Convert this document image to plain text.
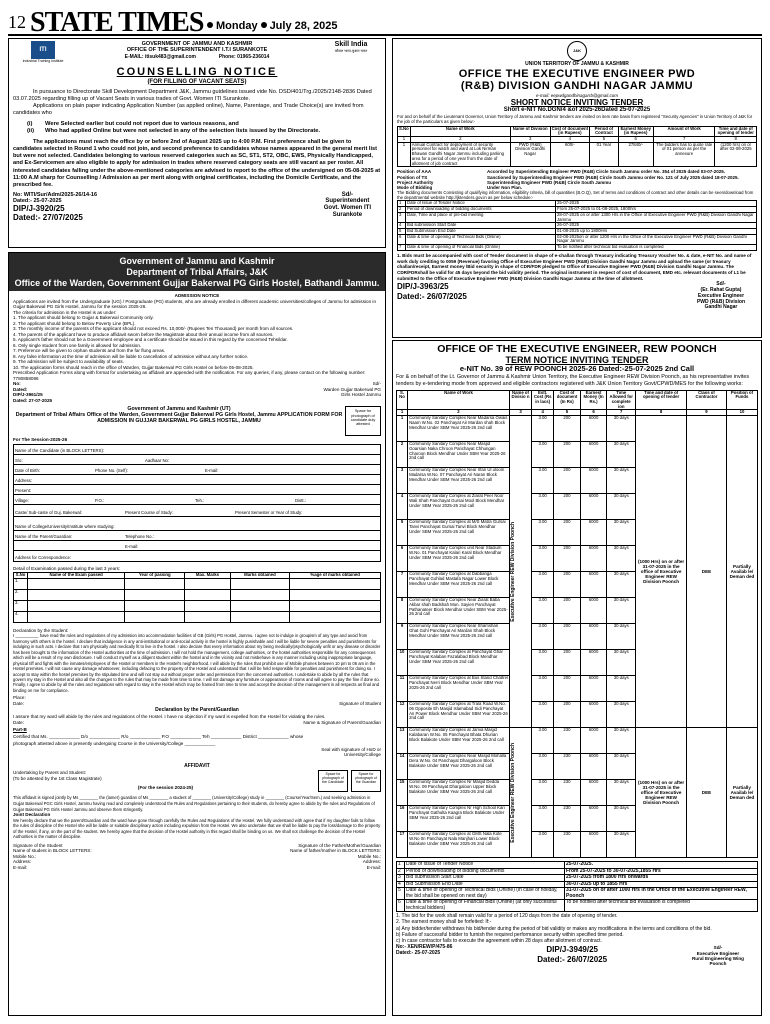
12 STATE TIMES	Monday July 28, 2025
ITI
Industrial Training Institute
GOVERNMENT OF JAMMU AND KASHMIR
OFFICE OF THE SUPERINTENDENT I.T.I SURANKOTE
E-MAIL: itisuk483@gmail.com	Phone: 01965-236014
Skill India
कौशल भारत-कुशल भारत
COUNSELLING NOTICE
(FOR FILLING OF VACANT SEATS)
In pursuance to Directorate Skill Development Department J&K, Jammu guidelines issued vide No. DSD/401/Trg./2025/2148-2836 Dated 03.07.2025 regarding filling up of Vacant Seats in various trades of Govt. Women ITI Surankote.
Applications on plain paper indicating Application Number (as applied online), Name, Parentage, and Trade Choice(s) are invited from candidates who
(i)	Were Selected earlier but could not report due to various reasons, and
(ii)	Who had applied Online but were not selected in any of the selection lists issued by the Directorate.
The applications must reach the office by or before 2nd of August 2025 up to 4:00 P.M. First preference shall be given to candidates selected in Round 1 who could not join, and second preference to candidates whose names appeared in the general merit list but were not selected. Candidates belonging to various reserved categories such as SC, ST1, ST2, OBC, EWS, Physically Handicapped, and Ex-Servicemen are also eligible to apply for admission in trades where reserved category seats are still vacant as per roster. All interested candidates falling under the above-mentioned categories are advised to report to the office of the undersigned on 05-08-2025 at 11:00 A.M sharp for Counselling / Admission as per merit along with original certificates, including the Domicile Certificate, and the prescribed fee.
No: WITI/Sur/Adm/2025-26/14-16
Dated:- 25-07-2025
DIP/J-3920/25
Dated:- 27/07/2025
Sd/-
Superintendent
Govt. Women ITI
Surankote
Government of Jammu and Kashmir
Department of Tribal Affairs, J&K
Office of the Warden, Government Gujjar Bakerwal PG Girls Hostel, Bathandi Jammu.
ADMISSION NOTICE
Applications are invited from the Undergraduate (UG) / Postgraduate (PG) students, who are already enrolled in different academic universities/colleges of Jammu for admission in Gujjar Bakerwal PG Girls Hostel, Jammu for the session 2025-26.
The criteria for admission in the Hostel is as under:
1. The applicant should belong to Gujjar & Bakerwal Community only.
2. The applicant should belong to Below Poverty Line (BPL).
3. The monthly income of the parents of the applicant should not exceed Rs. 10,000/- (Rupees Ten Thousand) per month from all sources.
4. The parents of the applicant have to produce affidavit sworn before the Magistrate about their annual income from all sources.
5. Applicant's father should not be a Government employee and a certificate should be issued in this regard by the concerned Tehsildar.
6. Only single student from one family is allowed for admission.
7. Preference will be given to orphan students and from the far flung areas.
8. Any false information at the time of admission will be liable to cancellation of admission without any further notice.
9. The admission will be subject to availability of seats.
10. The application forms should reach in the office of Warden, Gujjar Bakerwal PG Girls Hostel on before 05-08-2025.
Prescribed Application Forms along with format for undertaking an affidavit are appended with the notification. For any queries, if any, please contact on the following number: 7780858086
No:
Dated:
DIP/J-3961/25
Dated: 27-07-2025
Sd/-
Warden Gujjar Bakerwal PG Girls Hostel Jammu
Government of Jammu and Kashmir (UT)
Department of Tribal Affairs Office of the Warden, Government Gujjar Bakerwal PG Girls Hostel, Jammu APPLICATION FORM FOR ADMISSION IN GUJJAR BAKERWAL PG GIRLS HOSTEL, JAMMU
Space for photograph of candidate duly attested
For The Session-2025-26
Name of the Candidate (in BLOCK LETTERS):
S/o:	Aadhaar No:
Date of Birth:	Phone No. (Self):	E-mail:
Address:
Present:
Village:	P.O.:	Teh.:	Distt.:
Caste/ Sub-caste of Guj. Bakerwal:	Present Course of Study:	Present Semester or Year of Study:
Name of College/University/Institute where studying:
Name of the Parent/Guardian:	Telephone No.:
E-mail:
Address for Correspondence:
Detail of Examination passed during the last 3 years:
S.No	Name of the Exam passed	Year of passing	Max. Marks	Marks obtained	%age of marks obtained
1.					
2.					
3.					
4.					
Declaration by the Student:
I __________ have read the rules and regulations of my admission into accommodation facilities of GB (Girls) PG Hostel, Jammu. I agree not to indulge in groupism of any type and avoid from harmony with others in the hostel. I declare that indulgence in any anti-institutional or anti-social activity in the hostel is highly punishable and I will be liable for severe penalties and punishments for indulging in such acts. I declare that I am physically and medically fit to live in the hostel. I also declare that every information about my being medically/psychologically unfit or any disease or disorder has been brought to the information of the Hostel authorities at the time of admission. I will not hold the management, college authorities, or the hostel authorities responsible for any consequences which will be a result of my own disclosure. I will conduct myself as a diligent student within the hostel and in the vicinity and not misbehave in any manner including using inappropriate language, physical tiff and fights with the inmates/employees of the Hostel or members in the Hostel's neighborhood. I will abide by the rules that prohibit use of Mobile phones between 10 pm to 06 am in the Hostel premises. I will not cause any damage whatsoever, including defacing to the property of the Hostel and understand that I will be held responsible for penalties and punishment for doing so. I accept to stay within the hostel premises by the stipulated time and will not stay out without proper order and permission from the concerned authorities. I undertake to abide by all the rules that govern my stay in the Hostel and also all the changes to the rules that may be made from time to time. I will not damage any furniture or appearance of rooms and will agree to pay the fine if done so. Finally, I agree to abide by all the rules and regulations with regard to stay in the Hostel which may be framed from time to time and accept the decision of the management in all respects as final and binding on me for compliance.
Place:
Date:	Signature of Student
Declaration by the Parent/Guardian
I assure that my ward will abide by the rules and regulations of the Hostel. I have no objection if my ward is expelled from the Hostel for violating the rules.
Date:	Name & Signature of Parent/Guardian
Part-B
Certified that Ms. ____________ D/o ____________ R/o ____________ P.O ____________ Teh ____________ District ____________ whose photograph attested above is presently undergoing Course in the University/College ____________
Seal with signature of HoD or University/College
AFFIDAVIT
Undertaking by Parent and Student:
(To be attested by the 1st Class Magistrate)
(For the session 2024-25)
Space for photograph of the Candidate
Space for photograph of the Guardian
This affidavit is signed jointly by Ms ________ the (lamer) guardian of Ms ________ a student of ________ (University/College) study in ________ (Course/Year/Sem.) and seeking admission in Gujjar Bakerwal PGC Girls Hostel, Jammu having read and completely understood the Rules and Regulations pertaining to their students, do hereby agree to abide by the rules and Regulations of Gujjar Bakerwal PG Girls Hostel Jammu and observe them stringently.
Joint Declaration
We hereby declare that we the parent/Guardian and the ward have gone through carefully the Rules and Regulations of the Hostel. We fully understand with agree that if my daughter fails to follow the rules of discipline of the Hostel she will be liable or suitable disciplinary action including expulsion from the Hostel. We also undertake that we shall be liable to pay the loss/damage to the property of the Hostel, if any, on the part of the student. We hereby agree that the decision of the Hostel authority in this regard shall be binding on us. We shall not challenge the decision of the Hostel Authorities in the matter of discipline.
Signature of the Student	Signature of the Father/Mother/Guardian
Name of student in BLOCK LETTERS:
Mobile No.:
Address:
E-mail:
Name of father/mother in BLOCK LETTERS:
Mobile No.:
Address:
E-mail:
J&K
UNION TERRITORY OF JAMMU & KASHMIR
OFFICE THE EXECUTIVE ENGINEER PWD
(R&B) DIVISION GANDHI NAGAR JAMMU
e-mail: eepwdgandhinagarrb@gmail.com
SHORT NOTICE INVITING TENDER
Short e-NIT No.DGN/4 &of 2025-26Dated 25-07-2025
For and on behalf of the Lieutenant Governor, Union Territory of Jammu and Kashmir tenders are invited on item rate basis from registered "Security Agencies" in Union Territory of J&K for the job of the particulars as given below:-
S.No	Name of Work	Name of Division	Cost of document (in Rupees)	Period of Contract	Earnest Money (in Rupees)	Amount of Work	Time and date of opening of tender
1	2	3	4	5	6	7	8
1	Annual Contract for deployment of security personnel for watch and ward at Lok Nirman Bhawan Gandhi Nagar Jammu including parking area for a period of one year from the date of allotment of job contract	PWD (R&B) Division Gandhi Nagar	600/-	01 Year	27840/-	The bidders has to quote rate of 01 person as per the annexure	(1200 hrs) on or after 02-08-2025
Position of AAA	Accorded by Superintending Engineer PWD (R&B) Circle South Jammu order No. 354 of 2025 dated 03-07-2025.
Position of TS	Sanctioned by Superintending Engineer PWD (R&B) Circle South Jammu order No. 121 of July 2025 dated 18-07-2025.
Project Authority	Superintending Engineer PWD (R&B) Circle South Jammu
Mode of Bidding	Under Non Plan.
The Bidding documents Consisting of qualifying information, eligibility criteria, bill of quantities (B.O.Q), Set of terms and conditions of contract and other details can be seen/download from the departmental website http://jktenders.gov.in as per below schedule:-
1	Date of Issue of Tender Notice	25-07-2025
2	Period of downloading of bidding documents	From 25-07-2025 to 01-08-2025, 1800hrs
3	Date, Time and place of pre-bid meeting	28-07-2025 on or after 1300 Hrs in the Office of Executive Engineer PWD (R&B) Division Gandhi Nagar Jammu
4	Bid submission Start Date	26-07-2025
5	Bid Submission End Date	01-08-2025 up to 1800Hrs
6	Date & time of opening of Technical Bids (Online)	02-08-2025on or after 1200 Hrs in the Office of the Executive Engineer PWD (R&B) Division Gandhi Nagar Jammu
7	Date & time of opening of Financial Bids (Online)	To be notified after technical bid evaluation is completed
1. Bids must be accompanied with cost of Tender document in shape of e-challan through Treasury indicating Treasury Voucher No. & date, e-NIT No. and name of work duly crediting to 0059 (Revenue) favoring Office of Executive Engineer PWD (R&B) Division Gandhi Nagar Jammu and upload the same (or treasury challan/receipt, Earnest money /Bid security in shape of CDR/FDR pledged to Office of Executive Engineer PWD (R&B) Division Gandhi Nagar Jammu. The CDR/FDRshall be valid for 45 days beyond the bid validity period. The original instrument in respect of cost of document, EMD etc. relevant documents of L1 be submitted to the Office of Executive Engineer PWD (R&B) Division Gandhi Nagar Jammu at the time of allotment.
DIP/J-3963/25
Dated:- 26/07/2025
Sd/-
(Er. Rahat Gupta)
Executive Engineer
PWD (R&B) Division
Gandhi Nagar
OFFICE OF THE EXECUTIVE ENGINEER, REW POONCH
TERM NOTICE INVITING TENDER
e-NIT No. 39 of REW POONCH 2025-26 Dated:-25-07-2025 2nd Call
For & on behalf of the Lt. Governor of Jammu & Kashmir Union Territory, the Executive Engineer REW Division Poonch, as his representative invites tenders by e-tendering mode from approved and eligible contractors registered with J&K Union Territory Govt/CPWD/MES for the following works:
S. No	Name of Work	Name of Divisio n	Estt. Cost (Rs in lacs)	Cost of document (In Rs)	Earnest Money (In Rs.)	Time Allowed for complete ion	Time and date of opening of tender	Class of Contractor	Position of Funds
1	2	3	4	5	6	7	8	9	10
1	Community Sanitary Complex Near Madarsa Owais Naam W.No. 02 Panchayat Air Mardan shah Block Mendhar Under SBM Year 2025-26 2nd call	Executive Engineer REW Division Poonch	3.00	200	6000	30 days	(1000 Hrs) on or after 31-07-2025 in the office of Executive Engineer REW Division Poonch	DEE	Partially Availab le/ Deman ded
2	Community Sanitary Complex Near Masjid Goarsian Naka Chroon Panchayat Chhungan Charoon Block Mendhar Under SBM Year 2025-26 2nd call		3.00	200	6000	30 days			
3	Community Sanitary Complex Near Irfan Ul uloom Madarsa W.No. 07 Panchayat Ari Naran Block Mendhar Under SBM Year 2025-26 2nd call		3.00	200	6000	30 days			
4	Community Sanitary Complex at Ziarat Peer Noor Wali Shah Panchayat Gursai Mool Block Mendhar Under SBM Year 2025-26 2nd call		3.00	200	6000	30 days			
5	Community Sanitary Complex at M/S Matra Gursai Tanvi Panchayat Gursai Tanvi Block Mendhar Under SBM Year 2025-26 2nd call		3.00	200	6000	30 days			
6	Community Sanitary Complex unit Near Stadium W.No. 01 Panchayat Kalari Karal Block Mendhar Under SBM Year 2025-26 2nd call		3.00	200	6000	30 days			
7	Community Sanitary Complex at Dabbanga Panchayat Gohlad Mastafa Nagar Lower Block Mendhar Under SBM Year 2025-26 2nd call		3.00	200	6000	30 days			
8	Community Sanitary Complex Near Ziarat Baba Akbar shah Badshah Mun. Sayien Panchayat Pathanateer Block Mendhar Under SBM Year 2025-26 2nd call		3.00	200	6000	30 days			
9	Community Sanitary Complex Near Shamshan Ghat Gohl Panchayat Ari Mardan Shah Block Mendhar Under SBM Year 2025-26 2nd call		3.00	200	6000	30 days			
10	Community Sanitary Complex at Panchayat Ghar Panchayat Kalaban Fazalabad Block Mendhar Under SBM Year 2025-26 2nd call		3.00	200	6000	30 days			
11	Community Sanitary Complex at Bus Stand Chattrel Panchayat Nerri Block Mendhar Under SBM Year 2025-26 2nd call		3.00	200	6000	30 days			
12	Community Sanitary Complex at Trala Road W.No. 06 Opposite Eh Masjid Islamabad Sidi Panchayat An Power Block Mendhar Under SBM Year 2025-26 2nd call		3.00	200	6000	30 days			
13	Community Sanitary Complex at Jamia Masjid Kalabaran W.No. 05 Panchayat Bhata Dhurian Block Balakote Under SBM Year 2025-26 2nd call	Executive Engineer REW Division Poonch	3.00	230	6000	30 days	(1000 Hrs) on or after 31-07-2025 in the office of Executive Engineer REW Division Poonch	DEE	Partially Availab le/ Deman ded
14	Community Sanitary Complex Near Masjid Mohalla Dera W.No. 04 Panchayat Dhargaloon Block Balakote Under SBM Year 2025-26 2nd call		3.00	230	6000	30 days			
15	Community Sanitary Complex Nr Masjid Dedda W.No. 09 Panchayat Dhargaloon Upper Block Balakote Under SBM Year 2025-26 2nd call		3.00	230	6000	30 days			
16	Community Sanitary Complex Nr High School Kari Panchayat Gathulta Kaagra Block Balakote Under SBM Year 2025-26 2nd call		3.00	230	6000	30 days			
17	Community Sanitary Complex at GMS Nala Kote W.No 0n Panchayat Nala Manjhari Lower Block Balakote Under SBM Year 2025-26 2nd call		3.00	230	6000	30 days			
1	Date of Issue of Tender Notice	25-07-2025.
2	Period of downloading of bidding documents	From 25-07-2025 to 30-07-2025,1855 Hrs
3	Bid submission Start Date	25-07-2025 from 1800 Hrs onwards
4	Bid Submission End Date	30-07-2025 up to 1855 Hrs
5	Date & time of opening of Technical Bids (Online) (in case of holiday, the bid shall be opened on next day)	31-07-2025 on or after 1000 Hrs in the Office of the Executive Engineer REW, Poonch
6	Date & time of opening of Financial Bids (Online) (at only successful technical bidders)	To be notified after technical bid evaluation is completed
1. The bid for the work shall remain valid for a period of 120 days from the date of opening of tender.
2. The earnest money shall be forfeited: If:-
a) Any bidder/tender withdraws his bid/tender during the period of bid validity or makes any modifications in the terms and conditions of the bid.
b) Failure of successful bidder to furnish the required performance security within specified time period.
c) In case contractor fails to execute the agreement within 28 days after allotment of contract.
No:- XEN/REW/P/475-86
Dated:- 25-07-2025	DIP/J-3949/25
Dated:- 26/07/2025
Sd/-
Executive Engineer
Rural Engineering Wing
Poonch
